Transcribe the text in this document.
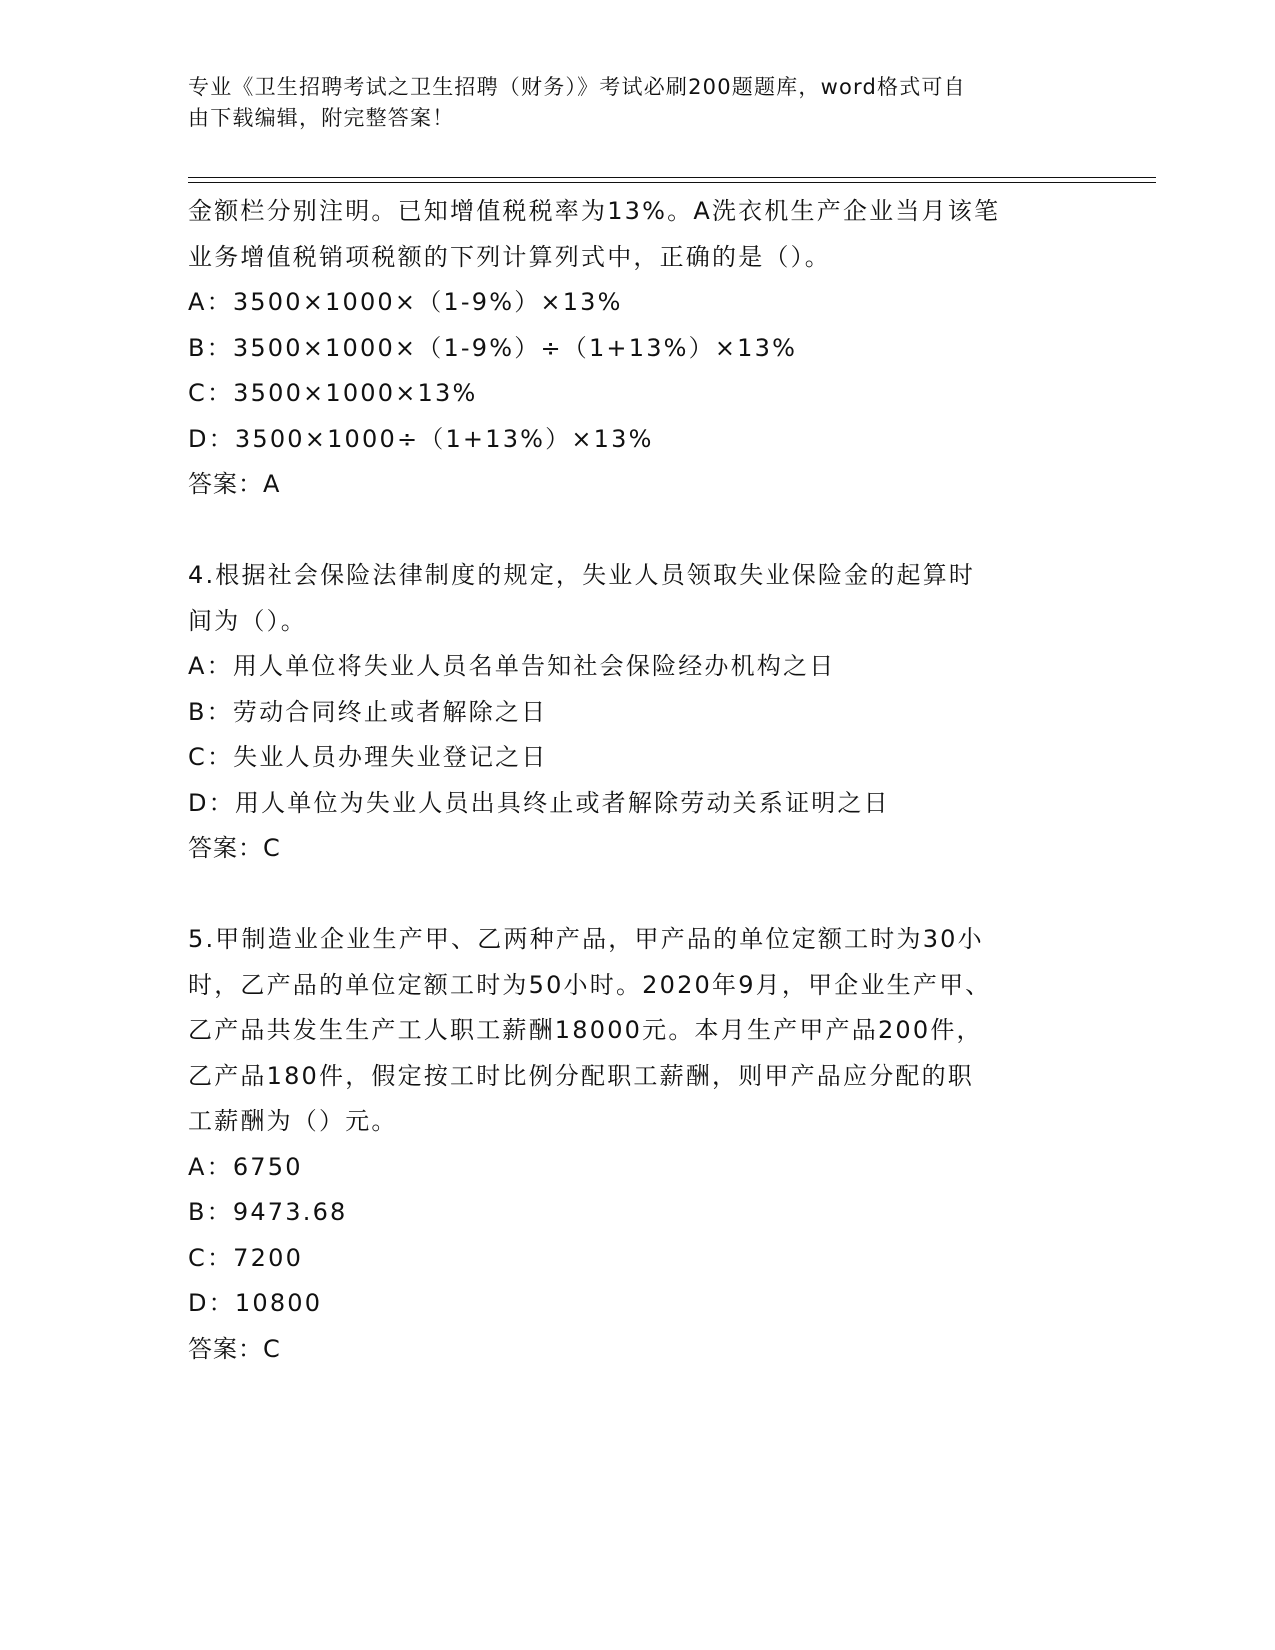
专业《卫生招聘考试之卫生招聘（财务）》考试必刷200题题库，word格式可自
由下载编辑，附完整答案！

金额栏分别注明。已知增值税税率为13%。A洗衣机生产企业当月该笔

业务增值税销项税额的下列计算列式中，正确的是（）。

A：3500×1000×（1-9%）×13%

B：3500×1000×（1-9%）÷（1+13%）×13%

C：3500×1000×13%

D：3500×1000÷（1+13%）×13%

答案：A

4.根据社会保险法律制度的规定，失业人员领取失业保险金的起算时

间为（）。

A：用人单位将失业人员名单告知社会保险经办机构之日

B：劳动合同终止或者解除之日

C：失业人员办理失业登记之日

D：用人单位为失业人员出具终止或者解除劳动关系证明之日

答案：C

5.甲制造业企业生产甲、乙两种产品，甲产品的单位定额工时为30小

时，乙产品的单位定额工时为50小时。2020年9月，甲企业生产甲、

乙产品共发生生产工人职工薪酬18000元。本月生产甲产品200件，

乙产品180件，假定按工时比例分配职工薪酬，则甲产品应分配的职

工薪酬为（）元。

A：6750

B：9473.68

C：7200

D：10800

答案：C
